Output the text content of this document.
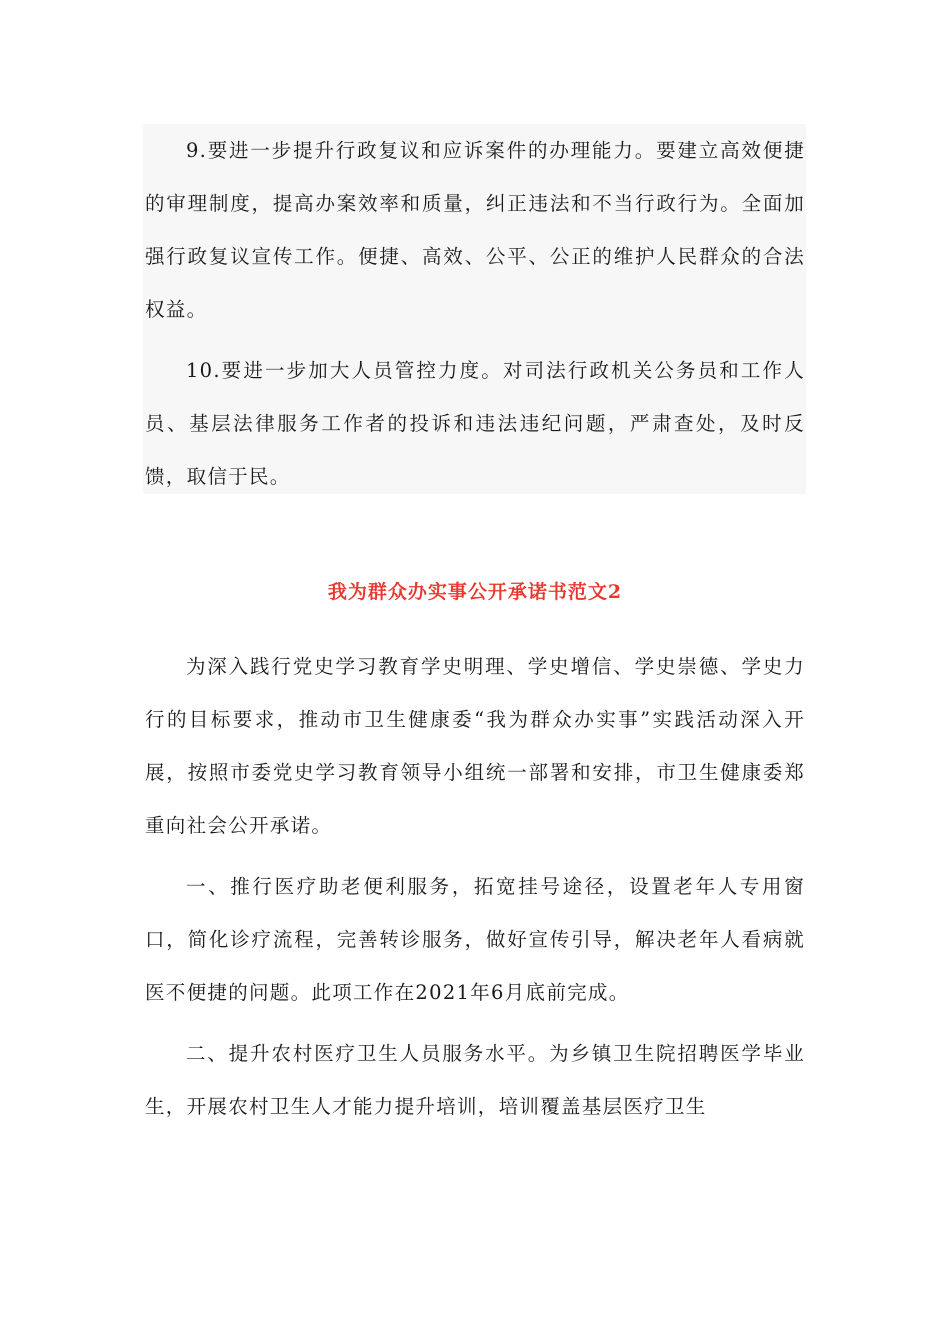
9.要进一步提升行政复议和应诉案件的办理能力。要建立高效便捷的审理制度，提高办案效率和质量，纠正违法和不当行政行为。全面加强行政复议宣传工作。便捷、高效、公平、公正的维护人民群众的合法权益。

10.要进一步加大人员管控力度。对司法行政机关公务员和工作人员、基层法律服务工作者的投诉和违法违纪问题，严肃查处，及时反馈，取信于民。

我为群众办实事公开承诺书范文2

为深入践行党史学习教育学史明理、学史增信、学史崇德、学史力行的目标要求，推动市卫生健康委“我为群众办实事”实践活动深入开展，按照市委党史学习教育领导小组统一部署和安排，市卫生健康委郑重向社会公开承诺。

一、推行医疗助老便利服务，拓宽挂号途径，设置老年人专用窗口，简化诊疗流程，完善转诊服务，做好宣传引导，解决老年人看病就医不便捷的问题。此项工作在2021年6月底前完成。

二、提升农村医疗卫生人员服务水平。为乡镇卫生院招聘医学毕业生，开展农村卫生人才能力提升培训，培训覆盖基层医疗卫生
